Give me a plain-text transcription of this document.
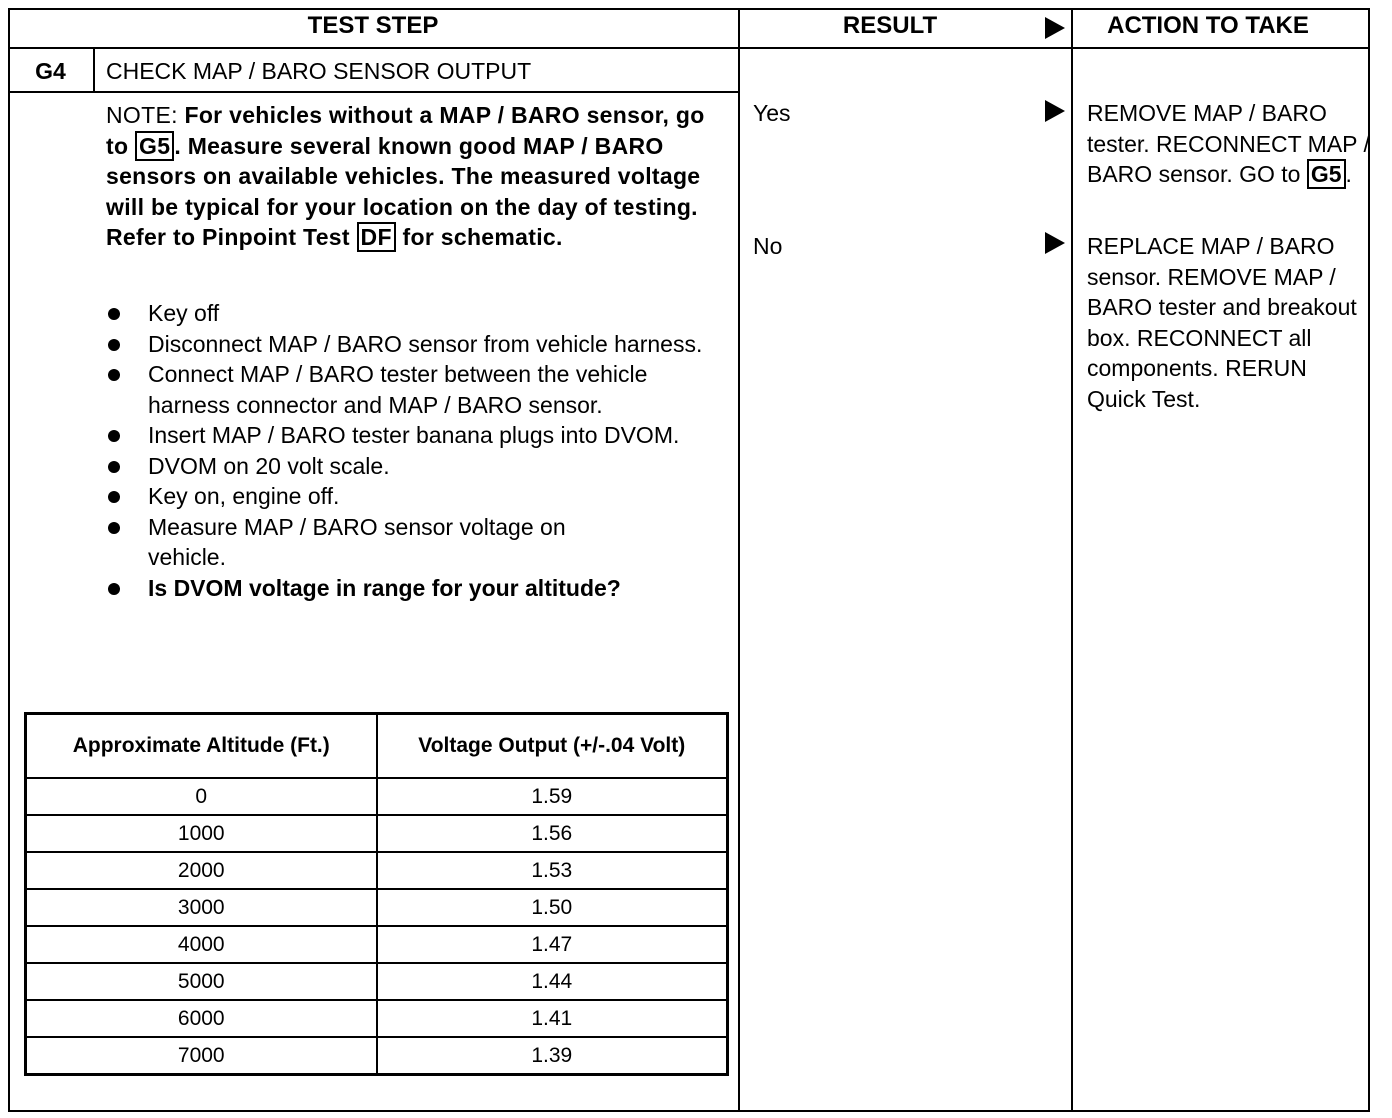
TEST STEP	RESULT	ACTION TO TAKE
G4	CHECK MAP / BARO SENSOR OUTPUT
NOTE: For vehicles without a MAP / BARO sensor, go to G5 . Measure several known good MAP / BARO sensors on available vehicles. The measured voltage will be typical for your location on the day of testing. Refer to Pinpoint Test DF for schematic.
Key off
Disconnect MAP / BARO sensor from vehicle harness.
Connect MAP / BARO tester between the vehicle harness connector and MAP / BARO sensor.
Insert MAP / BARO tester banana plugs into DVOM.
DVOM on 20 volt scale.
Key on, engine off.
Measure MAP / BARO sensor voltage on vehicle.
Is DVOM voltage in range for your altitude?
Approximate Altitude (Ft.)	Voltage Output (+/-.04 Volt)
0	1.59
1000	1.56
2000	1.53
3000	1.50
4000	1.47
5000	1.44
6000	1.41
7000	1.39
Yes	REMOVE MAP / BARO tester. RECONNECT MAP / BARO sensor. GO to G5 .
No	REPLACE MAP / BARO sensor. REMOVE MAP / BARO tester and breakout box. RECONNECT all components. RERUN Quick Test.
